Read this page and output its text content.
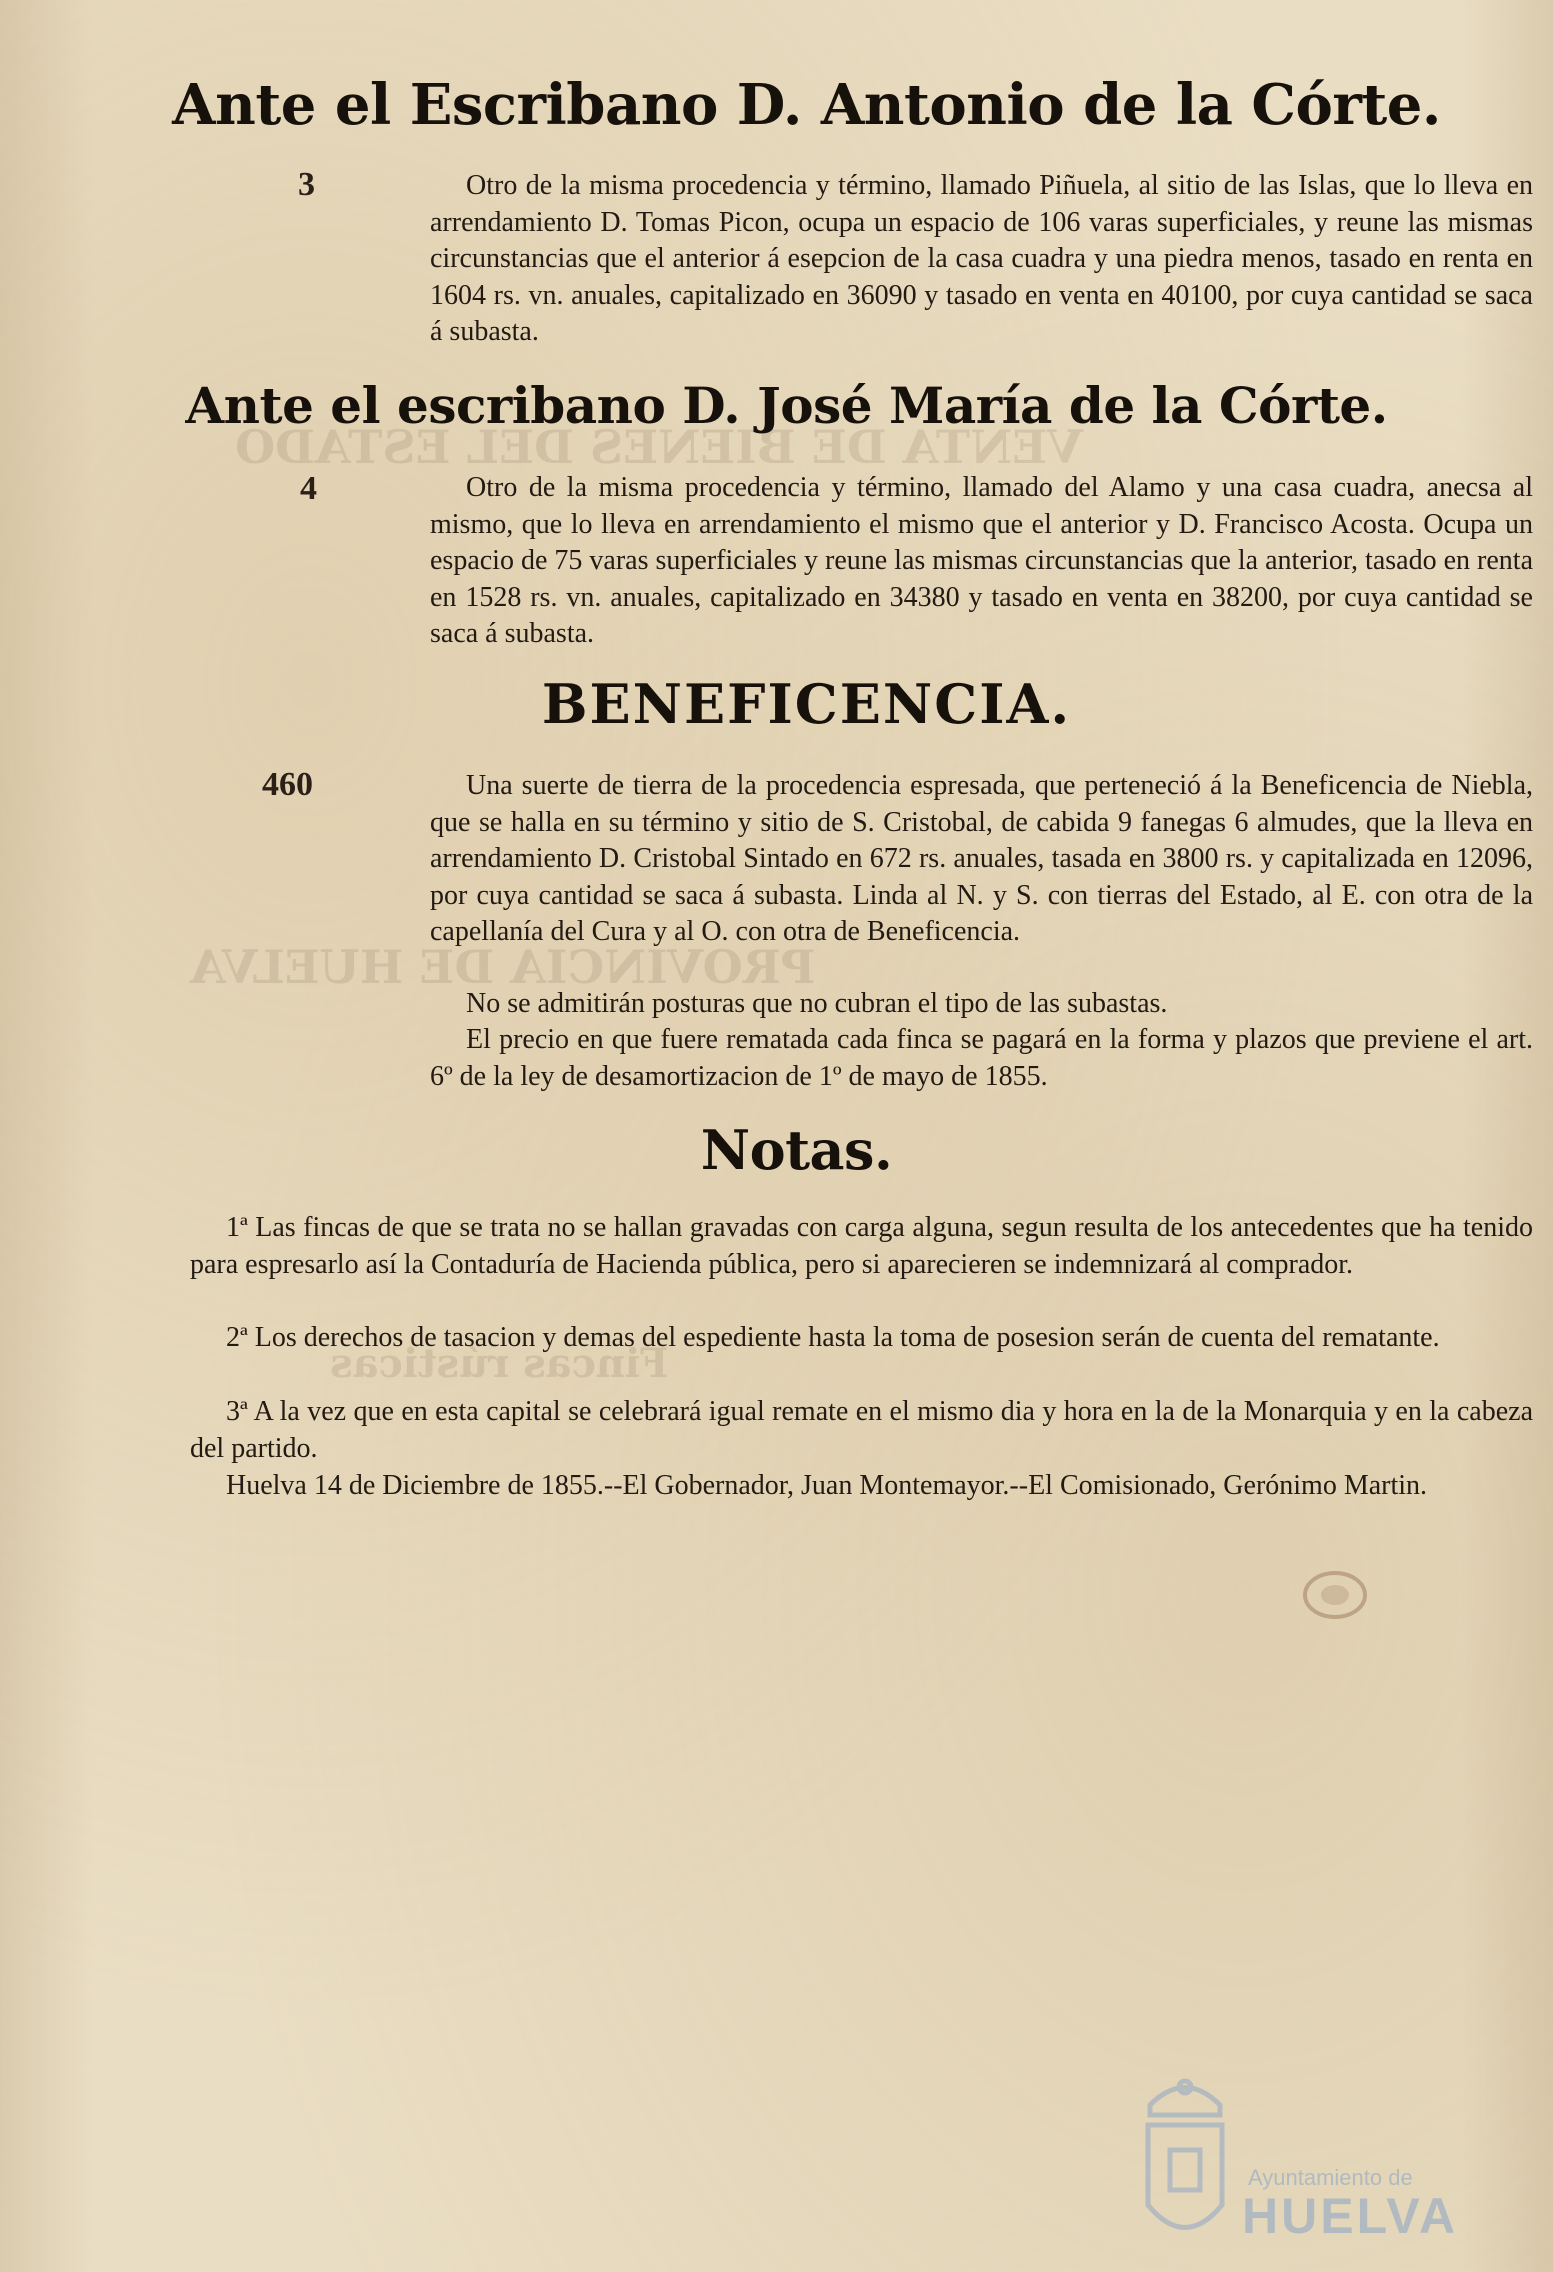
VENTA DE BIENES DEL ESTADO
PROVINCIA DE HUELVA
Fincas rústicas
Ante el Escribano D. Antonio de la Córte.
3	Otro de la misma procedencia y término, llamado Piñuela, al sitio de las Islas, que lo lleva en arrendamiento D. Tomas Picon, ocupa un espacio de 106 varas superficiales, y reune las mismas circunstancias que el anterior á esepcion de la casa cuadra y una piedra menos, tasado en renta en 1604 rs. vn. anuales, capitalizado en 36090 y tasado en venta en 40100, por cuya cantidad se saca á subasta.
Ante el escribano D. José María de la Córte.
4	Otro de la misma procedencia y término, llamado del Alamo y una casa cuadra, anecsa al mismo, que lo lleva en arrendamiento el mismo que el anterior y D. Francisco Acosta. Ocupa un espacio de 75 varas superficiales y reune las mismas circunstancias que la anterior, tasado en renta en 1528 rs. vn. anuales, capitalizado en 34380 y tasado en venta en 38200, por cuya cantidad se saca á subasta.
BENEFICENCIA.
460	Una suerte de tierra de la procedencia espresada, que perteneció á la Beneficencia de Niebla, que se halla en su término y sitio de S. Cristobal, de cabida 9 fanegas 6 almudes, que la lleva en arrendamiento D. Cristobal Sintado en 672 rs. anuales, tasada en 3800 rs. y capitalizada en 12096, por cuya cantidad se saca á subasta. Linda al N. y S. con tierras del Estado, al E. con otra de la capellanía del Cura y al O. con otra de Beneficencia.
No se admitirán posturas que no cubran el tipo de las subastas.
El precio en que fuere rematada cada finca se pagará en la forma y plazos que previene el art. 6º de la ley de desamortizacion de 1º de mayo de 1855.
Notas.
1ª Las fincas de que se trata no se hallan gravadas con carga alguna, segun resulta de los antecedentes que ha tenido para espresarlo así la Contaduría de Hacienda pública, pero si aparecieren se indemnizará al comprador.
2ª Los derechos de tasacion y demas del espediente hasta la toma de posesion serán de cuenta del rematante.
3ª A la vez que en esta capital se celebrará igual remate en el mismo dia y hora en la de la Monarquia y en la cabeza del partido.
Huelva 14 de Diciembre de 1855.--El Gobernador, Juan Montemayor.--El Comisionado, Gerónimo Martin.
Ayuntamiento de
HUELVA
